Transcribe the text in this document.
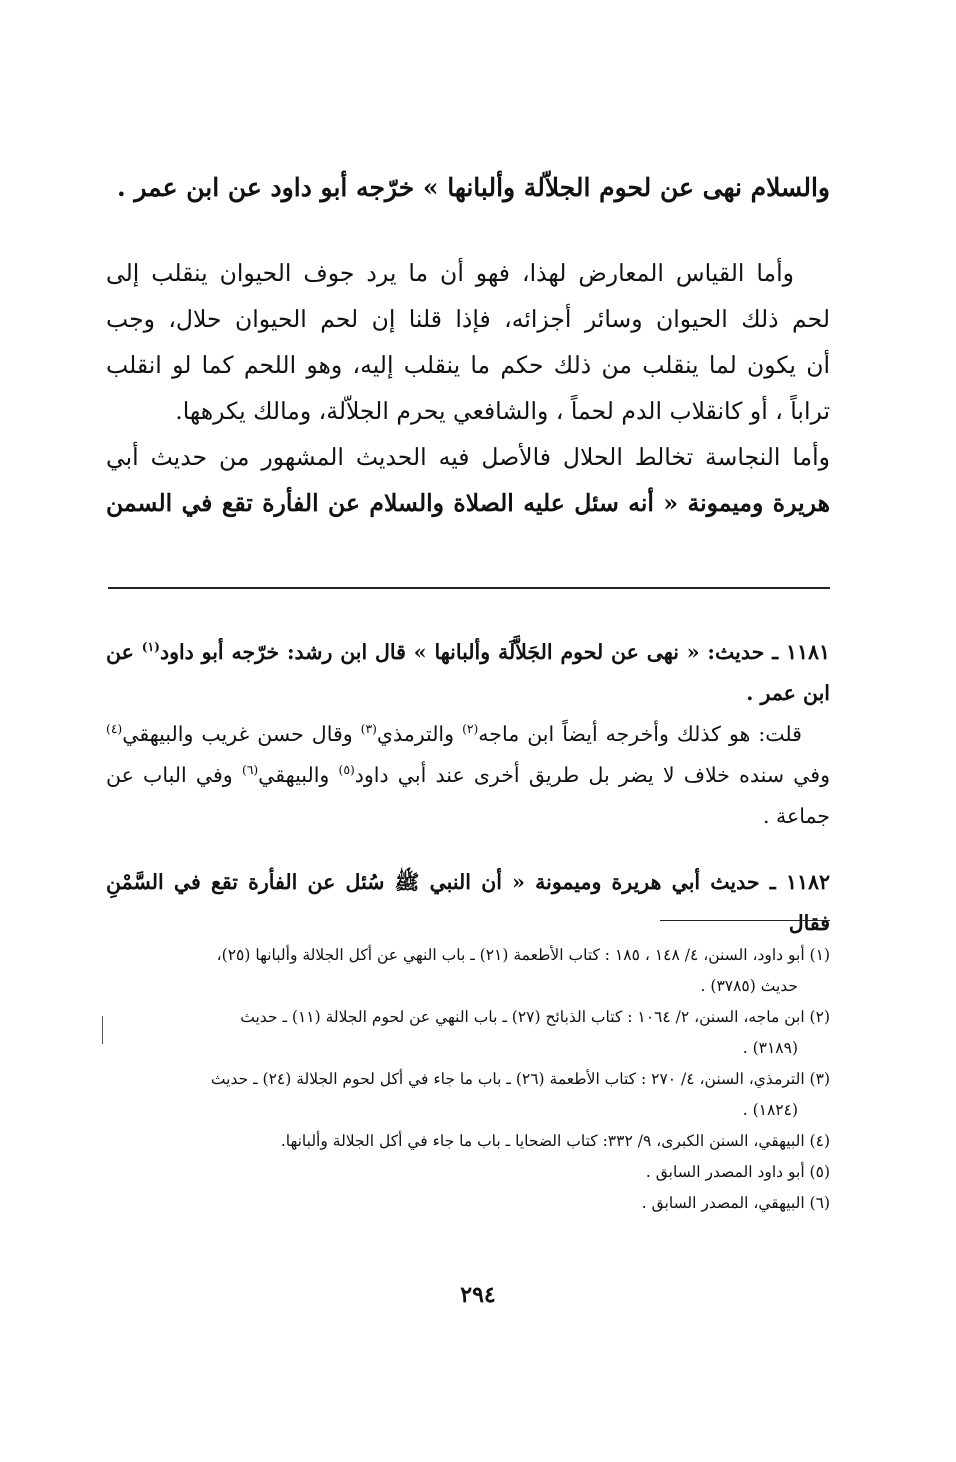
والسلام نهى عن لحوم الجلاّلة وألبانها » خرّجه أبو داود عن ابن عمر .

وأما القياس المعارض لهذا، فهو أن ما يرد جوف الحيوان ينقلب إلى

لحم ذلك الحيوان وسائر أجزائه، فإذا قلنا إن لحم الحيوان حلال، وجب

أن يكون لما ينقلب من ذلك حكم ما ينقلب إليه، وهو اللحم كما لو انقلب

تراباً ، أو كانقلاب الدم لحماً ، والشافعي يحرم الجلاّلة، ومالك يكرهها.

وأما النجاسة تخالط الحلال فالأصل فيه الحديث المشهور من حديث أبي

هريرة وميمونة « أنه سئل عليه الصلاة والسلام عن الفأرة تقع في السمن

١١٨١ ـ حديث: « نهى عن لحوم الجَلاَّلَة وألبانها » قال ابن رشد: خرّجه أبو داود$^{(١)}$ عن ابن عمر .

قلت: هو كذلك وأخرجه أيضاً ابن ماجه$^{(٢)}$ والترمذي$^{(٣)}$ وقال حسن غريب والبيهقي$^{(٤)}$ وفي سنده خلاف لا يضر بل طريق أخرى عند أبي داود$^{(٥)}$ والبيهقي$^{(٦)}$ وفي الباب عن جماعة .

١١٨٢ ـ حديث أبي هريرة وميمونة « أن النبي ﷺ سُئل عن الفأرة تقع في السَّمْنِ فقال

(١) أبو داود، السنن، ٤/ ١٤٨ ، ١٨٥ : كتاب الأطعمة (٢١) ـ باب النهي عن أكل الجلالة وألبانها (٢٥)،
حديث (٣٧٨٥) .

(٢) ابن ماجه، السنن، ٢/ ١٠٦٤ : كتاب الذبائح (٢٧) ـ باب النهي عن لحوم الجلالة (١١) ـ حديث
(٣١٨٩) .

(٣) الترمذي، السنن، ٤/ ٢٧٠ : كتاب الأطعمة (٢٦) ـ باب ما جاء في أكل لحوم الجلالة (٢٤) ـ حديث
(١٨٢٤) .

(٤) البيهقي، السنن الكبرى، ٩/ ٣٣٢: كتاب الضحايا ـ باب ما جاء في أكل الجلالة وألبانها.

(٥) أبو داود المصدر السابق .

(٦) البيهقي، المصدر السابق .

٢٩٤
